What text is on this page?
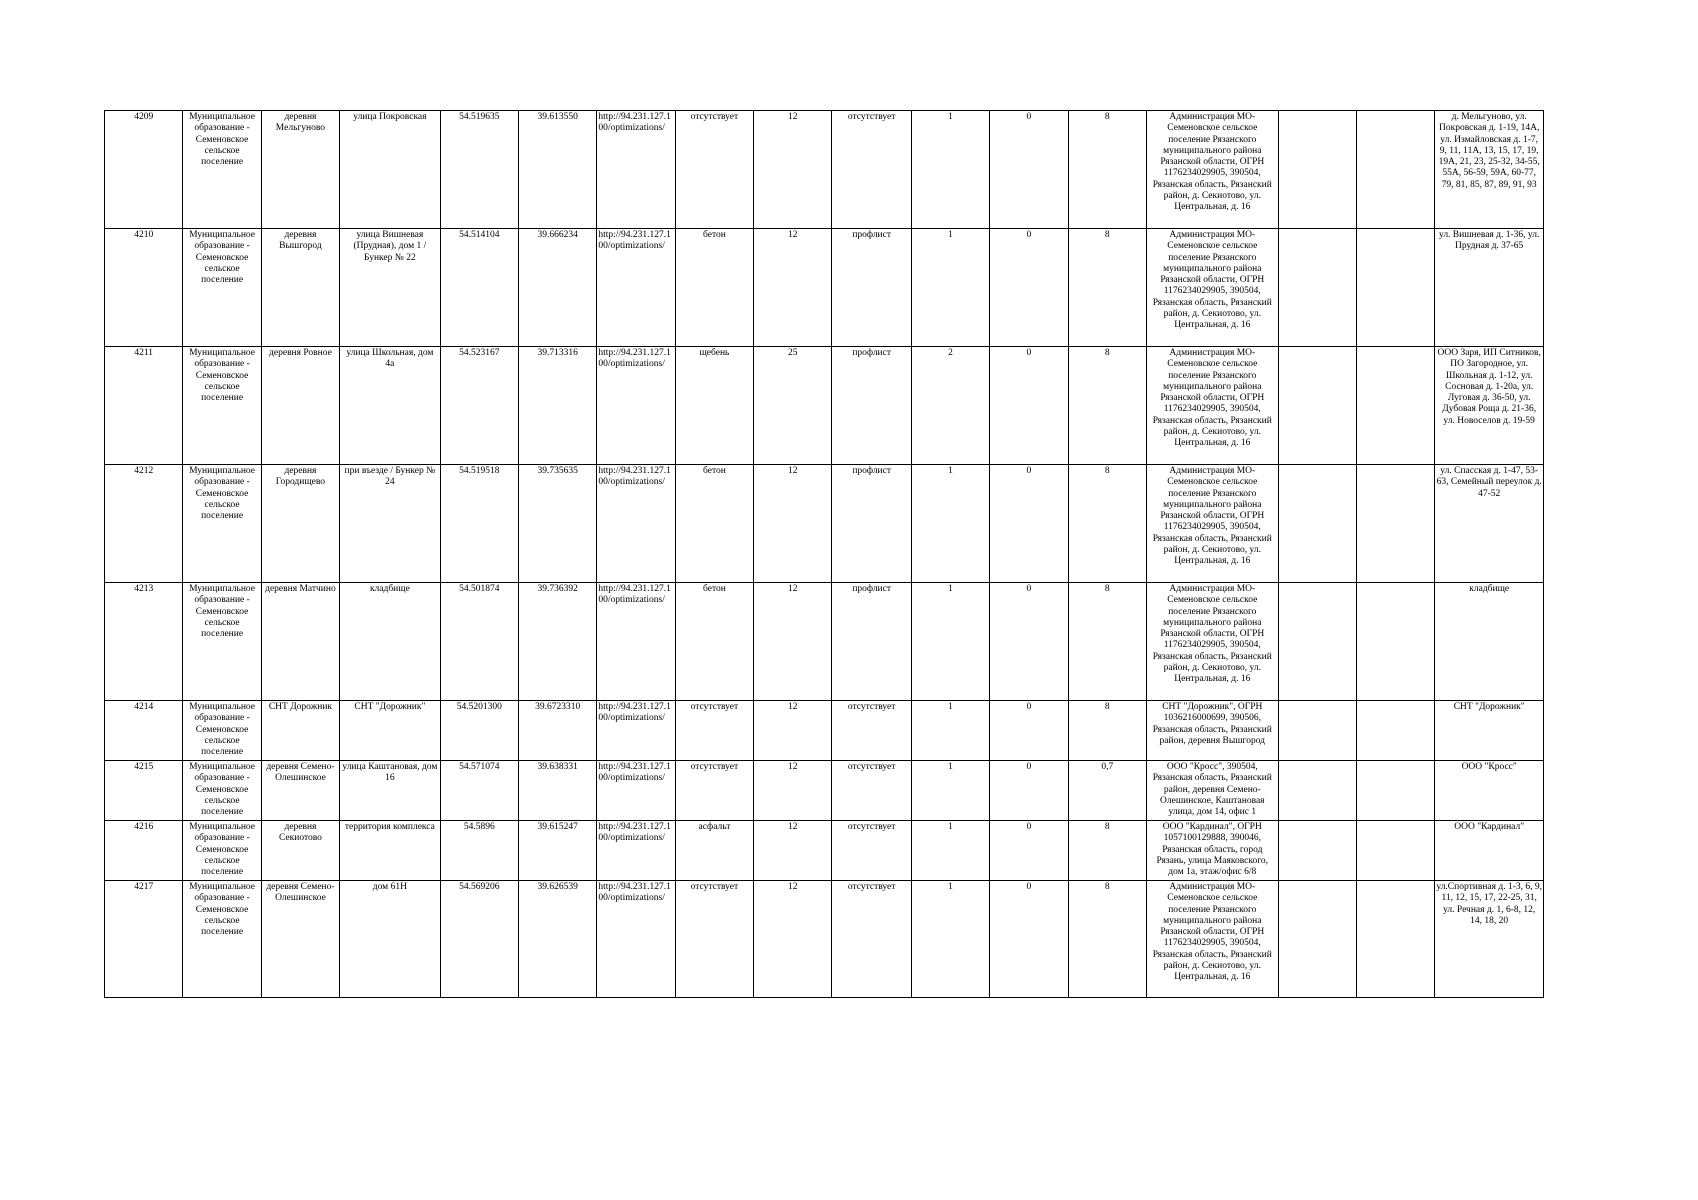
4209	Муниципальное образование - Семеновское сельское поселение	деревня Мельгуново	улица Покровская	54.519635	39.613550	http://94.231.127.100/optimizations/	отсутствует	12	отсутствует	1	0	8	Администрация МО-Семеновское сельское поселение Рязанского муниципального района Рязанской области, ОГРН 1176234029905, 390504, Рязанская область, Рязанский район, д. Секиотово, ул. Центральная, д. 16			д. Мельгуново, ул. Покровская д. 1-19, 14А, ул. Измайловская д. 1-7, 9, 11, 11А, 13, 15, 17, 19, 19А, 21, 23, 25-32, 34-55, 55А, 56-59, 59А, 60-77, 79, 81, 85, 87, 89, 91, 93
4210	Муниципальное образование - Семеновское сельское поселение	деревня Вышгород	улица Вишневая (Прудная), дом 1 / Бункер № 22	54.514104	39.666234	http://94.231.127.100/optimizations/	бетон	12	профлист	1	0	8	Администрация МО-Семеновское сельское поселение Рязанского муниципального района Рязанской области, ОГРН 1176234029905, 390504, Рязанская область, Рязанский район, д. Секиотово, ул. Центральная, д. 16			ул. Вишневая д. 1-36, ул. Прудная д. 37-65
4211	Муниципальное образование - Семеновское сельское поселение	деревня Ровное	улица Школьная, дом 4а	54.523167	39.713316	http://94.231.127.100/optimizations/	щебень	25	профлист	2	0	8	Администрация МО-Семеновское сельское поселение Рязанского муниципального района Рязанской области, ОГРН 1176234029905, 390504, Рязанская область, Рязанский район, д. Секиотово, ул. Центральная, д. 16			ООО Заря, ИП Ситников, ПО Загородное, ул. Школьная д. 1-12, ул. Сосновая д. 1-20а, ул. Луговая д. 36-50, ул. Дубовая Роща д. 21-36, ул. Новоселов д. 19-59
4212	Муниципальное образование - Семеновское сельское поселение	деревня Городищево	при въезде / Бункер № 24	54.519518	39.735635	http://94.231.127.100/optimizations/	бетон	12	профлист	1	0	8	Администрация МО-Семеновское сельское поселение Рязанского муниципального района Рязанской области, ОГРН 1176234029905, 390504, Рязанская область, Рязанский район, д. Секиотово, ул. Центральная, д. 16			ул. Спасская д. 1-47, 53-63, Семейный переулок д. 47-52
4213	Муниципальное образование - Семеновское сельское поселение	деревня Матчино	кладбище	54.501874	39.736392	http://94.231.127.100/optimizations/	бетон	12	профлист	1	0	8	Администрация МО-Семеновское сельское поселение Рязанского муниципального района Рязанской области, ОГРН 1176234029905, 390504, Рязанская область, Рязанский район, д. Секиотово, ул. Центральная, д. 16			кладбище
4214	Муниципальное образование - Семеновское сельское поселение	СНТ Дорожник	СНТ "Дорожник"	54.5201300	39.6723310	http://94.231.127.100/optimizations/	отсутствует	12	отсутствует	1	0	8	СНТ "Дорожник", ОГРН 1036216000699, 390506, Рязанская область, Рязанский район, деревня Вышгород			СНТ "Дорожник"
4215	Муниципальное образование - Семеновское сельское поселение	деревня Семено-Олешинское	улица Каштановая, дом 16	54.571074	39.638331	http://94.231.127.100/optimizations/	отсутствует	12	отсутствует	1	0	0,7	ООО "Кросс", 390504, Рязанская область, Рязанский район, деревня Семено-Олешинское, Каштановая улица, дом 14, офис 1			ООО "Кросс"
4216	Муниципальное образование - Семеновское сельское поселение	деревня Секиотово	территория комплекса	54.5896	39.615247	http://94.231.127.100/optimizations/	асфальт	12	отсутствует	1	0	8	ООО "Кардинал", ОГРН 1057100129888, 390046, Рязанская область, город Рязань, улица Маяковского, дом 1а, этаж/офис 6/8			ООО "Кардинал"
4217	Муниципальное образование - Семеновское сельское поселение	деревня Семено-Олешинское	дом 61Н	54.569206	39.626539	http://94.231.127.100/optimizations/	отсутствует	12	отсутствует	1	0	8	Администрация МО-Семеновское сельское поселение Рязанского муниципального района Рязанской области, ОГРН 1176234029905, 390504, Рязанская область, Рязанский район, д. Секиотово, ул. Центральная, д. 16			ул.Спортивная д. 1-3, 6, 9, 11, 12, 15, 17, 22-25, 31, ул. Речная д. 1, 6-8, 12, 14, 18, 20
